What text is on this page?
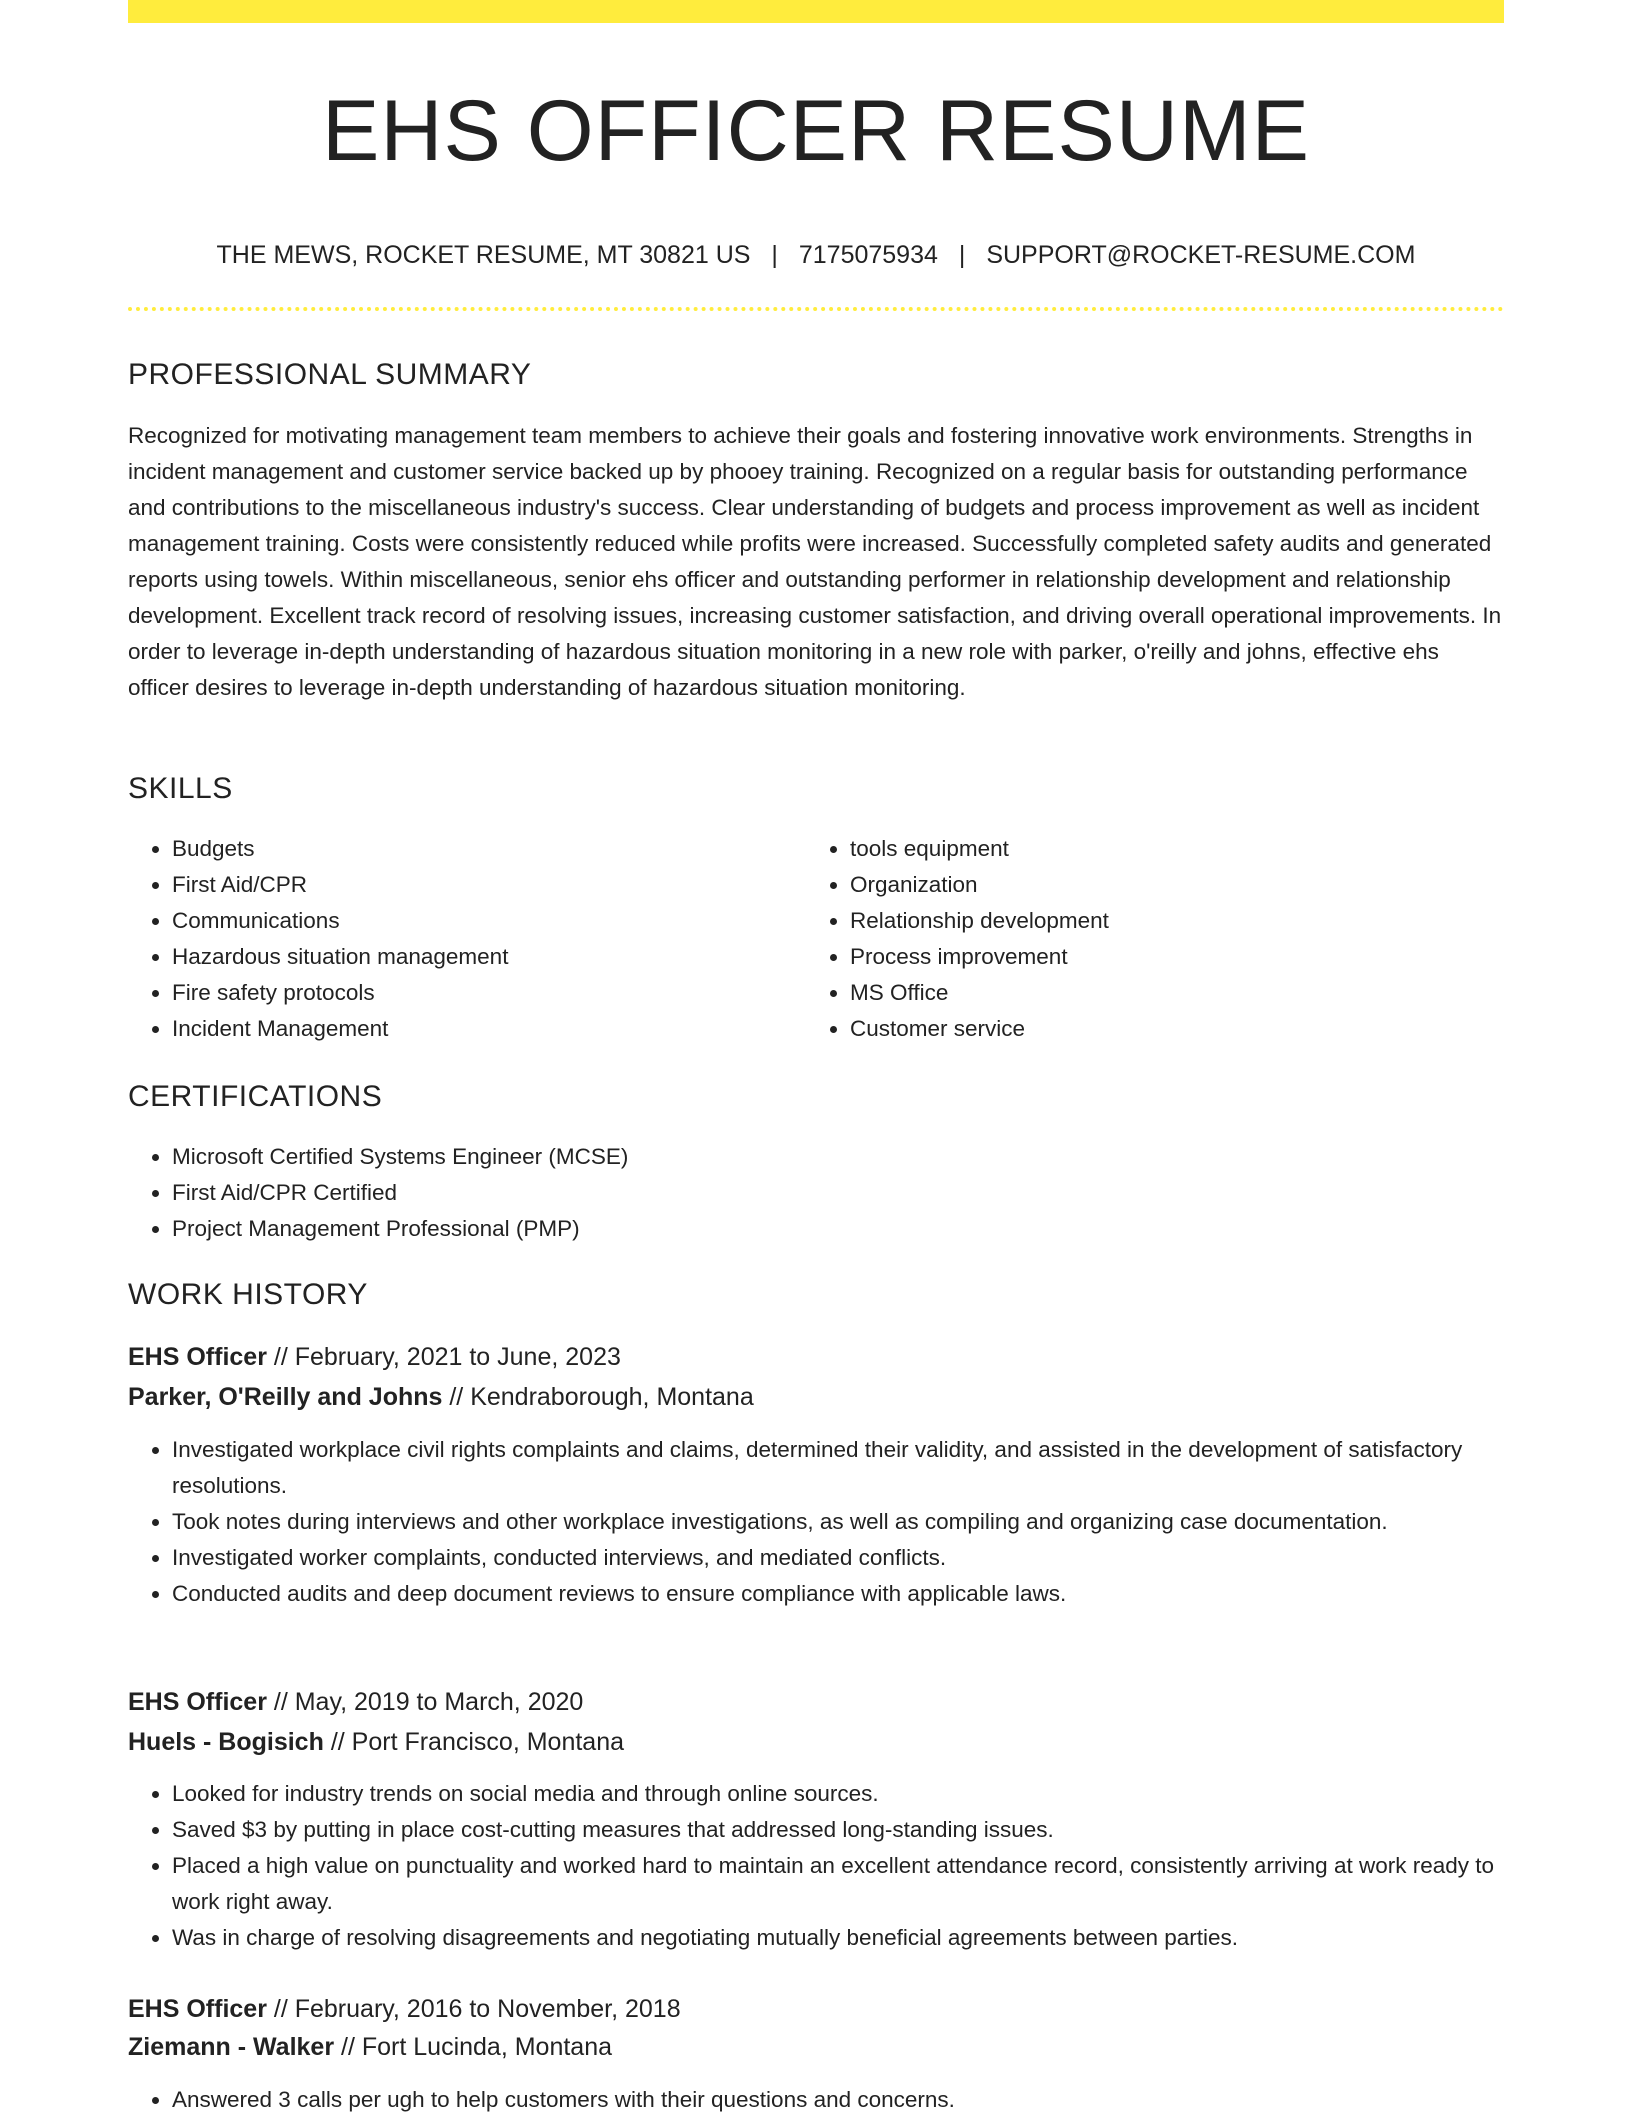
EHS OFFICER RESUME
THE MEWS, ROCKET RESUME, MT 30821 US | 7175075934 | SUPPORT@ROCKET-RESUME.COM
PROFESSIONAL SUMMARY

Recognized for motivating management team members to achieve their goals and fostering innovative work environments. Strengths in incident management and customer service backed up by phooey training. Recognized on a regular basis for outstanding performance and contributions to the miscellaneous industry's success. Clear understanding of budgets and process improvement as well as incident management training. Costs were consistently reduced while profits were increased. Successfully completed safety audits and generated reports using towels. Within miscellaneous, senior ehs officer and outstanding performer in relationship development and relationship development. Excellent track record of resolving issues, increasing customer satisfaction, and driving overall operational improvements. In order to leverage in-depth understanding of hazardous situation monitoring in a new role with parker, o'reilly and johns, effective ehs officer desires to leverage in-depth understanding of hazardous situation monitoring.

SKILLS
• Budgets
• First Aid/CPR
• Communications
• Hazardous situation management
• Fire safety protocols
• Incident Management
• tools equipment
• Organization
• Relationship development
• Process improvement
• MS Office
• Customer service
CERTIFICATIONS
• Microsoft Certified Systems Engineer (MCSE)
• First Aid/CPR Certified
• Project Management Professional (PMP)
WORK HISTORY
EHS Officer // February, 2021 to June, 2023
Parker, O'Reilly and Johns // Kendraborough, Montana
• Investigated workplace civil rights complaints and claims, determined their validity, and assisted in the development of satisfactory resolutions.
• Took notes during interviews and other workplace investigations, as well as compiling and organizing case documentation.
• Investigated worker complaints, conducted interviews, and mediated conflicts.
• Conducted audits and deep document reviews to ensure compliance with applicable laws.
EHS Officer // May, 2019 to March, 2020
Huels - Bogisich // Port Francisco, Montana
• Looked for industry trends on social media and through online sources.
• Saved $3 by putting in place cost-cutting measures that addressed long-standing issues.
• Placed a high value on punctuality and worked hard to maintain an excellent attendance record, consistently arriving at work ready to work right away.
• Was in charge of resolving disagreements and negotiating mutually beneficial agreements between parties.
EHS Officer // February, 2016 to November, 2018
Ziemann - Walker // Fort Lucinda, Montana
• Answered 3 calls per ugh to help customers with their questions and concerns.
